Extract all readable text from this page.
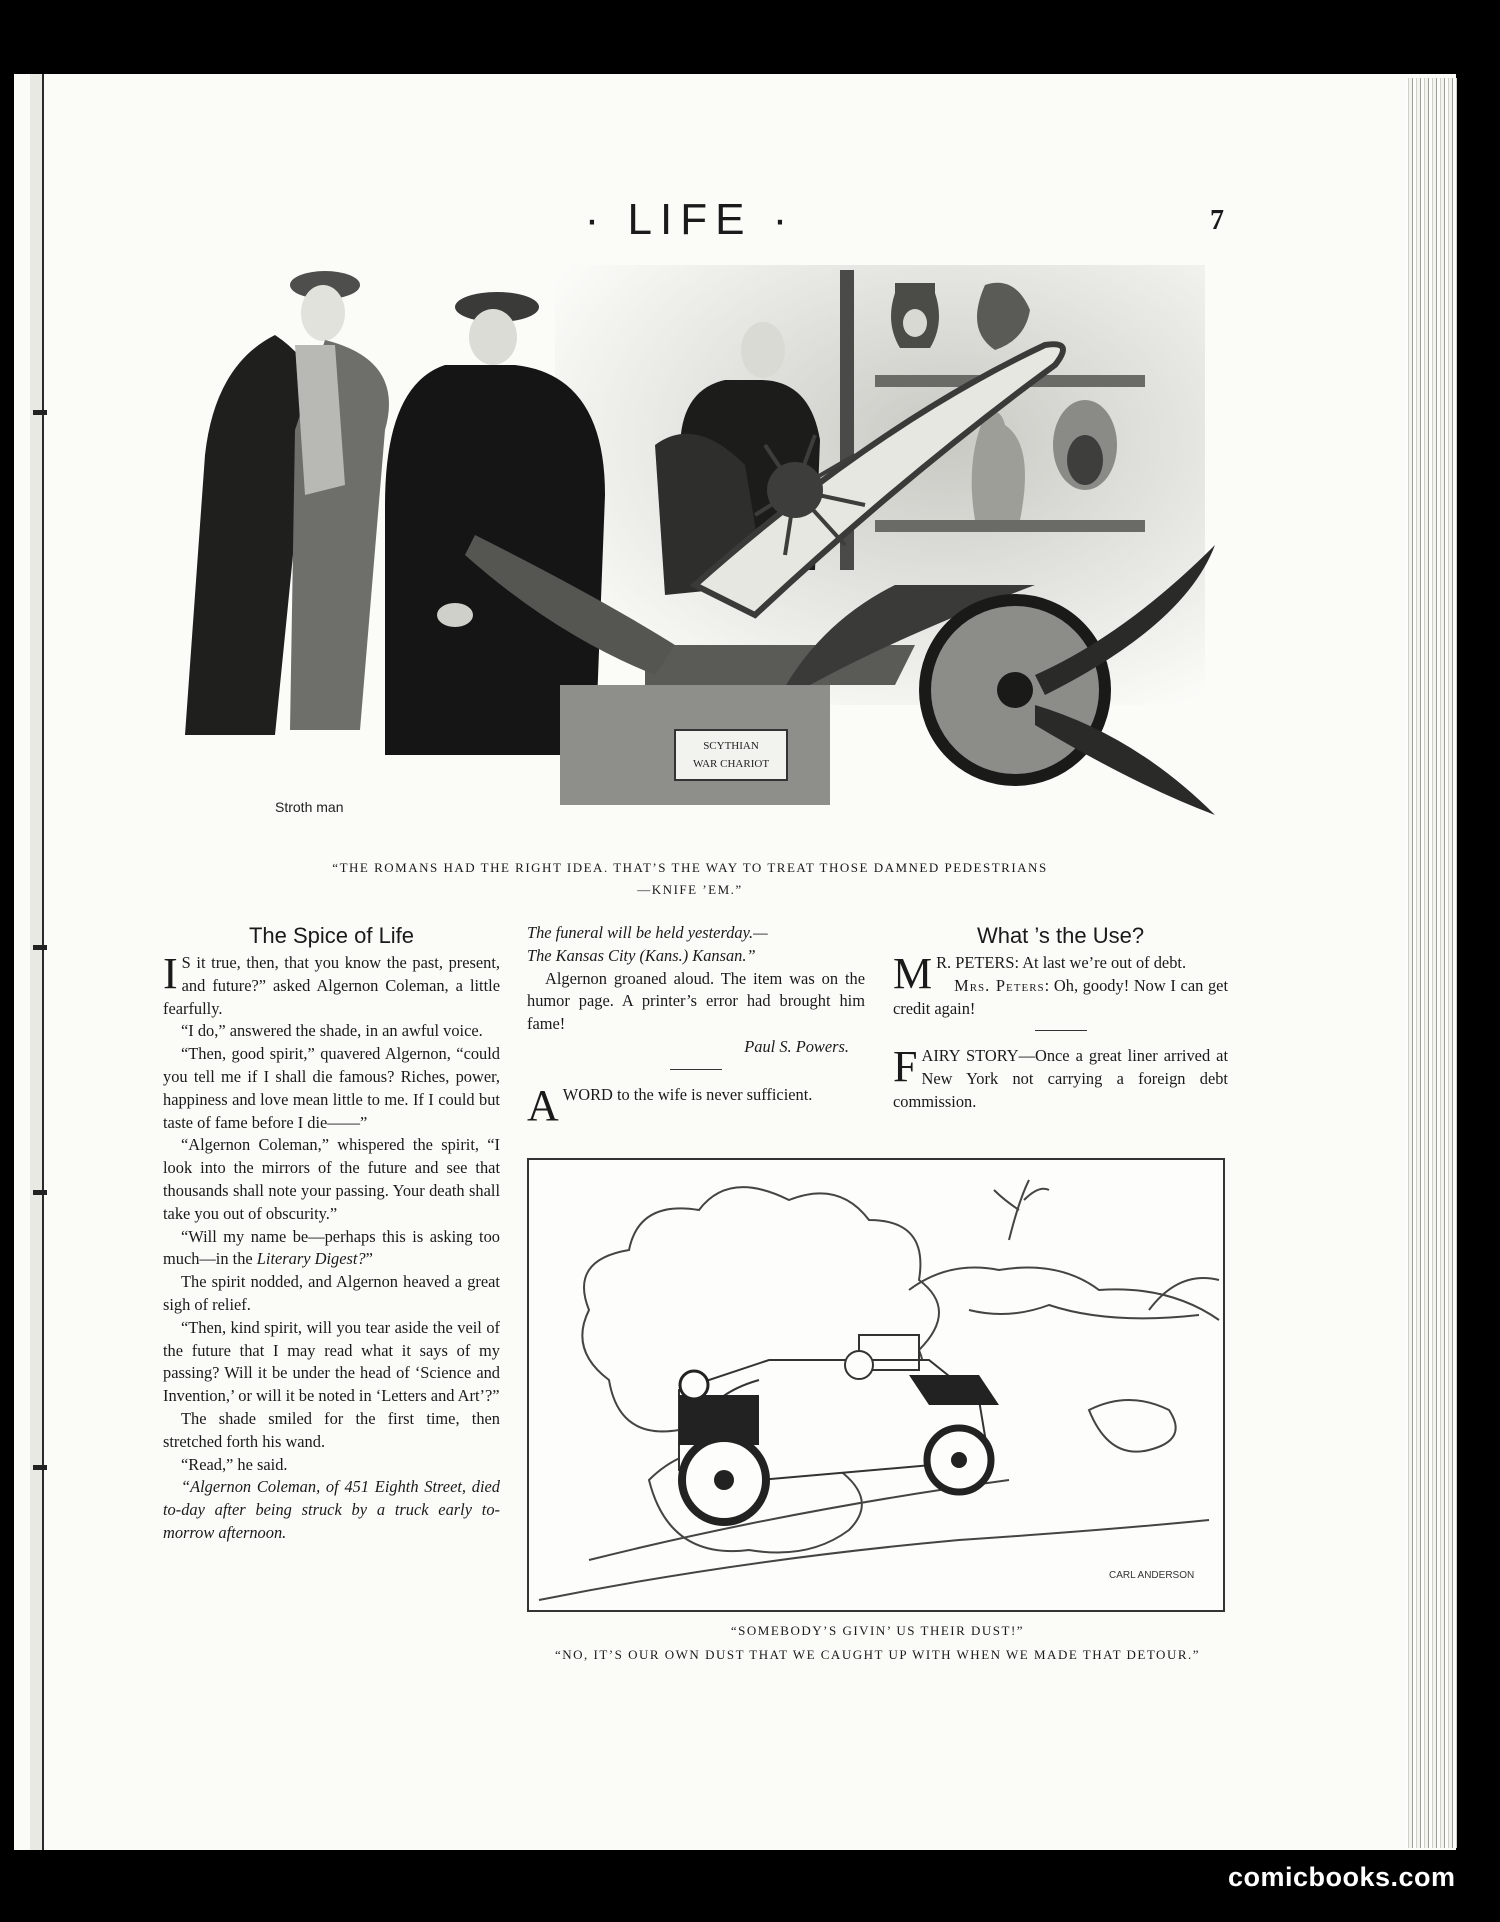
· LIFE ·	7
SCYTHIAN
WAR CHARIOT
Stroth man
“THE ROMANS HAD THE RIGHT IDEA. THAT’S THE WAY TO TREAT THOSE DAMNED PEDESTRIANS
—KNIFE ’EM.”
The Spice of Life

I S it true, then, that you know the past, present, and future?” asked Algernon Coleman, a little fearfully.

“I do,” answered the shade, in an awful voice.

“Then, good spirit,” quavered Algernon, “could you tell me if I shall die famous? Riches, power, happiness and love mean little to me. If I could but taste of fame before I die——”

“Algernon Coleman,” whispered the spirit, “I look into the mirrors of the future and see that thousands shall note your passing. Your death shall take you out of obscurity.”

“Will my name be—perhaps this is asking too much—in the Literary Digest?”

The spirit nodded, and Algernon heaved a great sigh of relief.

“Then, kind spirit, will you tear aside the veil of the future that I may read what it says of my passing? Will it be under the head of ‘Science and Invention,’ or will it be noted in ‘Letters and Art’?”

The shade smiled for the first time, then stretched forth his wand.

“Read,” he said.

“Algernon Coleman, of 451 Eighth Street, died to-day after being struck by a truck early to-morrow afternoon.

The funeral will be held yesterday.—

The Kansas City (Kans.) Kansan.”

Algernon groaned aloud. The item was on the humor page. A printer’s error had brought him fame!

Paul S. Powers.

AWORD to the wife is never sufficient.

What ’s the Use?

M R. PETERS: At last we’re out of debt.

Mrs. Peters: Oh, goody! Now I can get credit again!

FAIRY STORY—Once a great liner arrived at New York not carrying a foreign debt commission.

CARL ANDERSON
“SOMEBODY’S GIVIN’ US THEIR DUST!”
“NO, IT’S OUR OWN DUST THAT WE CAUGHT UP WITH WHEN WE MADE THAT DETOUR.”
comicbooks.com
